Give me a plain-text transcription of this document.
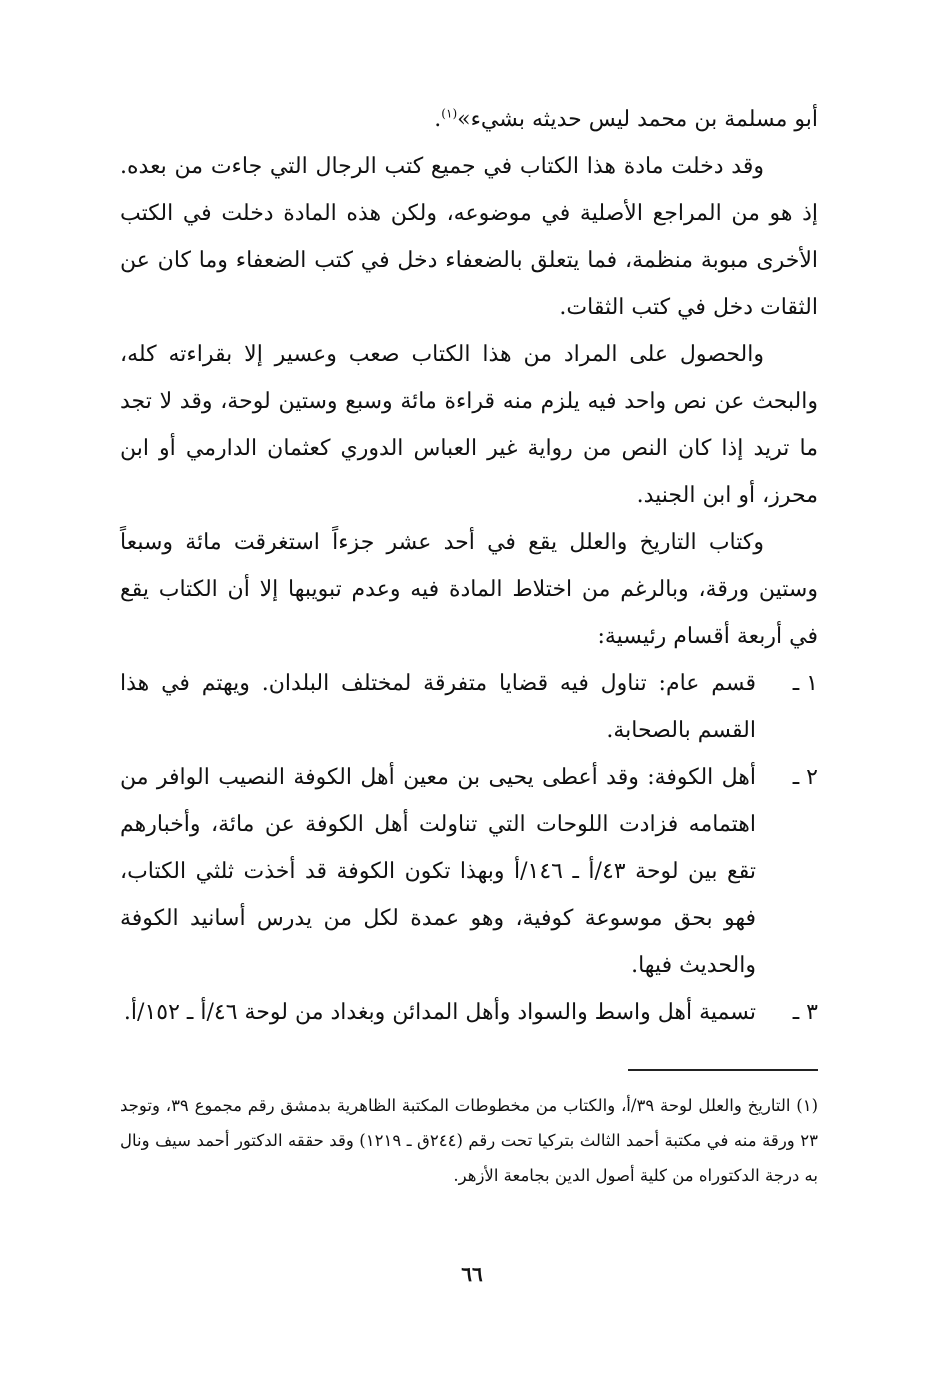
أبو مسلمة بن محمد ليس حديثه بشيء»$^{(١)}$.

وقد دخلت مادة هذا الكتاب في جميع كتب الرجال التي جاءت من بعده. إذ هو من المراجع الأصلية في موضوعه، ولكن هذه المادة دخلت في الكتب الأخرى مبوبة منظمة، فما يتعلق بالضعفاء دخل في كتب الضعفاء وما كان عن الثقات دخل في كتب الثقات.

والحصول على المراد من هذا الكتاب صعب وعسير إلا بقراءته كله، والبحث عن نص واحد فيه يلزم منه قراءة مائة وسبع وستين لوحة، وقد لا تجد ما تريد إذا كان النص من رواية غير العباس الدوري كعثمان الدارمي أو ابن محرز، أو ابن الجنيد.

وكتاب التاريخ والعلل يقع في أحد عشر جزءاً استغرقت مائة وسبعاً وستين ورقة، وبالرغم من اختلاط المادة فيه وعدم تبويبها إلا أن الكتاب يقع في أربعة أقسام رئيسية:

١ ـ
قسم عام: تناول فيه قضايا متفرقة لمختلف البلدان. ويهتم في هذا القسم بالصحابة.
٢ ـ
أهل الكوفة: وقد أعطى يحيى بن معين أهل الكوفة النصيب الوافر من اهتمامه فزادت اللوحات التي تناولت أهل الكوفة عن مائة، وأخبارهم تقع بين لوحة ٤٣/أ ـ ١٤٦/أ وبهذا تكون الكوفة قد أخذت ثلثي الكتاب، فهو بحق موسوعة كوفية، وهو عمدة لكل من يدرس أسانيد الكوفة والحديث فيها.
٣ ـ
تسمية أهل واسط والسواد وأهل المدائن وبغداد من لوحة ٤٦/أ ـ ١٥٢/أ.
(١) التاريخ والعلل لوحة ٣٩/أ، والكتاب من مخطوطات المكتبة الظاهرية بدمشق رقم مجموع ٣٩، وتوجد ٢٣ ورقة منه في مكتبة أحمد الثالث بتركيا تحت رقم (٢٤٤ق ـ ١٢١٩) وقد حققه الدكتور أحمد سيف ونال به درجة الدكتوراه من كلية أصول الدين بجامعة الأزهر.
٦٦
